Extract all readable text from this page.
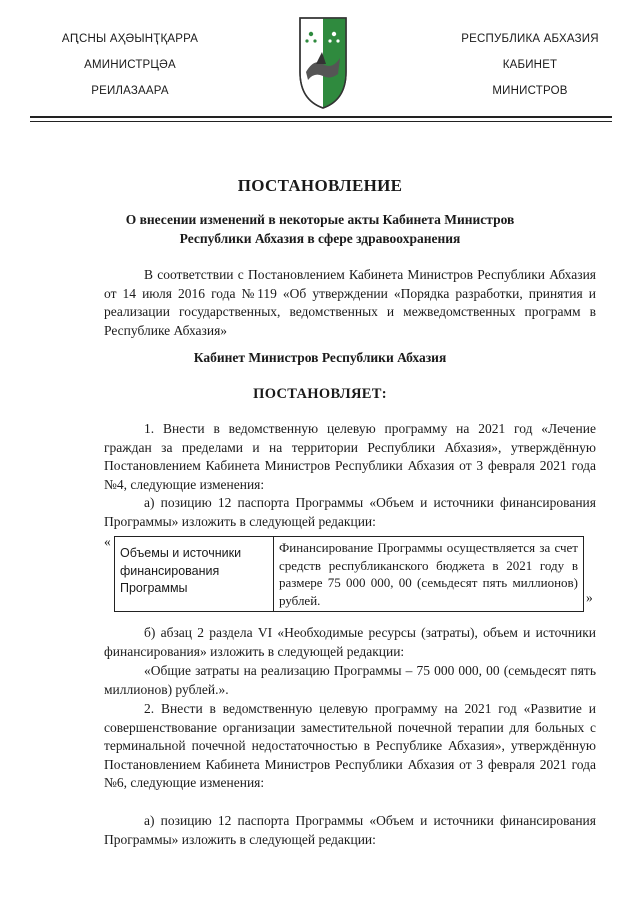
АԤСНЫ АҲӘЫНҬҚАРРА
АМИНИСТРЦӘА
РЕИЛАЗААРА
РЕСПУБЛИКА АБХАЗИЯ
КАБИНЕТ
МИНИСТРОВ
ПОСТАНОВЛЕНИЕ
О внесении изменений в некоторые акты Кабинета Министров
Республики Абхазия в сфере здравоохранения
В соответствии с Постановлением Кабинета Министров Республики Абхазия от 14 июля 2016 года №119 «Об утверждении «Порядка разработки, принятия и реализации государственных, ведомственных и межведомственных программ в Республике Абхазия»
Кабинет Министров Республики Абхазия
ПОСТАНОВЛЯЕТ:
1. Внести в ведомственную целевую программу на 2021 год «Лечение граждан за пределами и на территории Республики Абхазия», утверждённую Постановлением Кабинета Министров Республики Абхазия от 3 февраля 2021 года №4, следующие изменения:
а) позицию 12 паспорта Программы «Объем и источники финансирования Программы» изложить в следующей редакции:
«
Объемы и источники финансирования Программы	Финансирование Программы осуществляется за счет средств республиканского бюджета в 2021 году в размере 75 000 000, 00 (семьдесят пять миллионов) рублей.	»
б) абзац 2 раздела VI «Необходимые ресурсы (затраты), объем и источники финансирования» изложить в следующей редакции:
«Общие затраты на реализацию Программы – 75 000 000, 00 (семьдесят пять миллионов) рублей.».
2. Внести в ведомственную целевую программу на 2021 год «Развитие и совершенствование организации заместительной почечной терапии для больных с терминальной почечной недостаточностью в Республике Абхазия», утверждённую Постановлением Кабинета Министров Республики Абхазия от 3 февраля 2021 года №6, следующие изменения:
а) позицию 12 паспорта Программы «Объем и источники финансирования Программы» изложить в следующей редакции:
